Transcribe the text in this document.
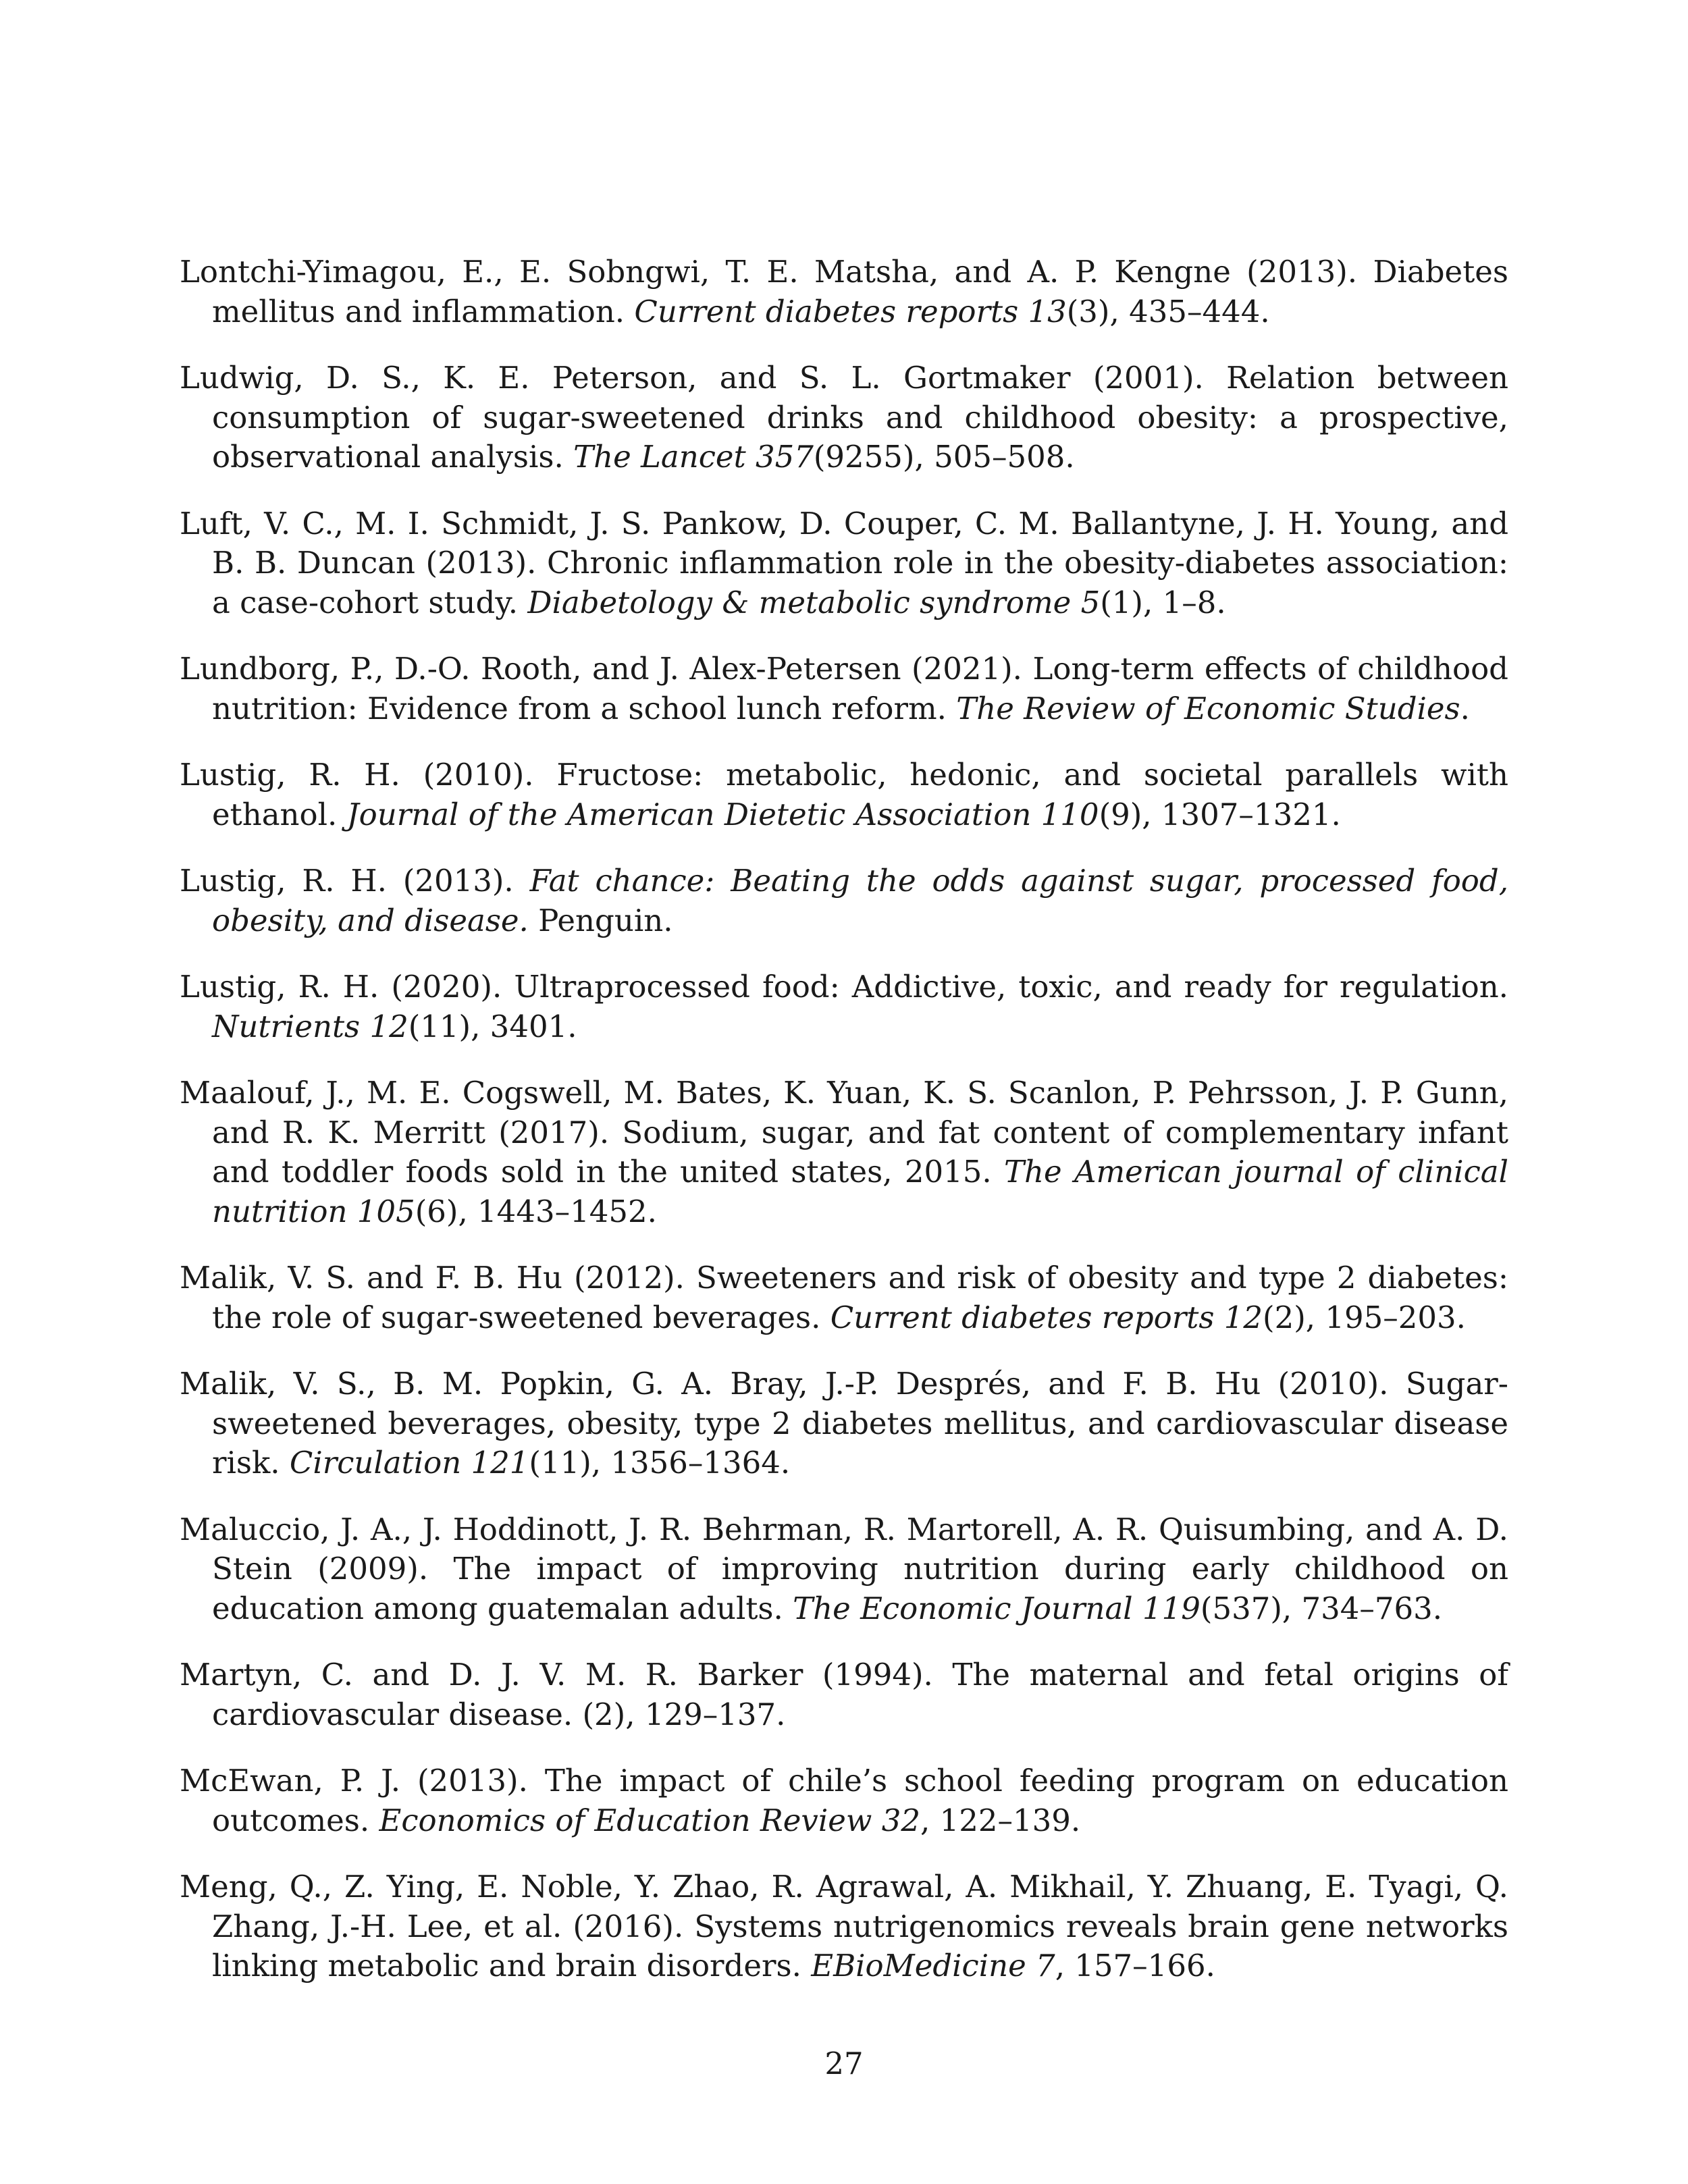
Lontchi-Yimagou, E., E. Sobngwi, T. E. Matsha, and A. P. Kengne (2013). Diabetes mellitus and inflammation. Current diabetes reports 13(3), 435–444.

Ludwig, D. S., K. E. Peterson, and S. L. Gortmaker (2001). Relation between consumption of sugar-sweetened drinks and childhood obesity: a prospective, observational analysis. The Lancet 357(9255), 505–508.

Luft, V. C., M. I. Schmidt, J. S. Pankow, D. Couper, C. M. Ballantyne, J. H. Young, and B. B. Duncan (2013). Chronic inflammation role in the obesity-diabetes association: a case-cohort study. Diabetology & metabolic syndrome 5(1), 1–8.

Lundborg, P., D.-O. Rooth, and J. Alex-Petersen (2021). Long-term effects of childhood nutrition: Evidence from a school lunch reform. The Review of Economic Studies.

Lustig, R. H. (2010). Fructose: metabolic, hedonic, and societal parallels with ethanol. Journal of the American Dietetic Association 110(9), 1307–1321.

Lustig, R. H. (2013). Fat chance: Beating the odds against sugar, processed food, obesity, and disease. Penguin.

Lustig, R. H. (2020). Ultraprocessed food: Addictive, toxic, and ready for regulation. Nutrients 12(11), 3401.

Maalouf, J., M. E. Cogswell, M. Bates, K. Yuan, K. S. Scanlon, P. Pehrsson, J. P. Gunn, and R. K. Merritt (2017). Sodium, sugar, and fat content of complementary infant and toddler foods sold in the united states, 2015. The American journal of clinical nutrition 105(6), 1443–1452.

Malik, V. S. and F. B. Hu (2012). Sweeteners and risk of obesity and type 2 diabetes: the role of sugar-sweetened beverages. Current diabetes reports 12(2), 195–203.

Malik, V. S., B. M. Popkin, G. A. Bray, J.-P. Després, and F. B. Hu (2010). Sugar-sweetened beverages, obesity, type 2 diabetes mellitus, and cardiovascular disease risk. Circulation 121(11), 1356–1364.

Maluccio, J. A., J. Hoddinott, J. R. Behrman, R. Martorell, A. R. Quisumbing, and A. D. Stein (2009). The impact of improving nutrition during early childhood on education among guatemalan adults. The Economic Journal 119(537), 734–763.

Martyn, C. and D. J. V. M. R. Barker (1994). The maternal and fetal origins of cardiovascular disease. (2), 129–137.

McEwan, P. J. (2013). The impact of chile’s school feeding program on education outcomes. Economics of Education Review 32, 122–139.

Meng, Q., Z. Ying, E. Noble, Y. Zhao, R. Agrawal, A. Mikhail, Y. Zhuang, E. Tyagi, Q. Zhang, J.-H. Lee, et al. (2016). Systems nutrigenomics reveals brain gene networks linking metabolic and brain disorders. EBioMedicine 7, 157–166.

27
